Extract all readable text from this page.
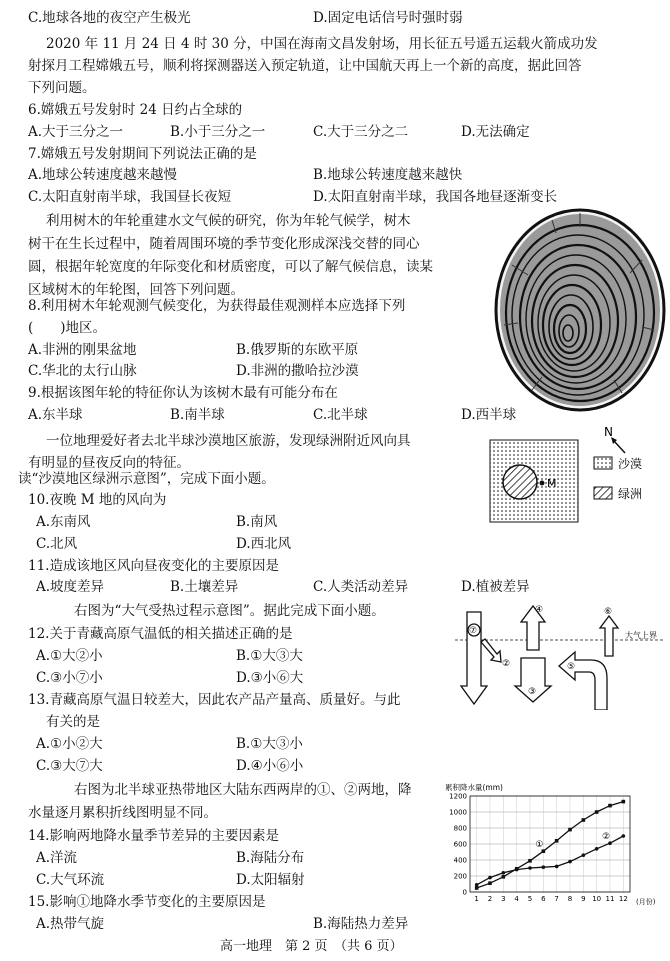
C.地球各地的夜空产生极光	D.固定电话信号时强时弱
2020 年 11 月 24 日 4 时 30 分，中国在海南文昌发射场，用长征五号遥五运载火箭成功发
射探月工程嫦娥五号，顺利将探测器送入预定轨道，让中国航天再上一个新的高度，据此回答
下列问题。
6.嫦娥五号发射时 24 日约占全球的
A.大于三分之一	B.小于三分之一	C.大于三分之二	D.无法确定
7.嫦娥五号发射期间下列说法正确的是
A.地球公转速度越来越慢	B.地球公转速度越来越快
C.太阳直射南半球，我国昼长夜短	D.太阳直射南半球，我国各地昼逐渐变长
利用树木的年轮重建水文气候的研究，你为年轮气候学，树木
树干在生长过程中，随着周围环境的季节变化形成深浅交替的同心
圆，根据年轮宽度的年际变化和材质密度，可以了解气候信息，读某
区域树木的年轮图，回答下列问题。
8.利用树木年轮观测气候变化，为获得最佳观测样本应选择下列
(　　)地区。
A.非洲的刚果盆地	B.俄罗斯的东欧平原
C.华北的太行山脉	D.非洲的撒哈拉沙漠
9.根据该图年轮的特征你认为该树木最有可能分布在
A.东半球	B.南半球	C.北半球	D.西半球
一位地理爱好者去北半球沙漠地区旅游，发现绿洲附近风向具
有明显的昼夜反向的特征。
读“沙漠地区绿洲示意图”，完成下面小题。
10.夜晚 M 地的风向为
A.东南风	B.南风
C.北风	D.西北风
11.造成该地区风向昼夜变化的主要原因是
A.坡度差异	B.土壤差异	C.人类活动差异	D.植被差异
右图为“大气受热过程示意图”。据此完成下面小题。
12.关于青藏高原气温低的相关描述正确的是
A.①大②小	B.①大③大
C.③小⑦小	D.③小⑥大
13.青藏高原气温日较差大，因此农产品产量高、质量好。与此
有关的是
A.①小②大	B.①大③小
C.③大⑦大	D.④小⑥小
右图为北半球亚热带地区大陆东西两岸的①、②两地，降
水量逐月累积折线图明显不同。
14.影响两地降水量季节差异的主要因素是
A.洋流	B.海陆分布
C.大气环流	D.太阳辐射
15.影响①地降水季节变化的主要原因是
A.热带气旋	B.海陆热力差异
高一地理　第 2 页　（共 6 页）
M
N
沙漠
绿洲
大气上界
⑦
②
④
③
⑤
⑥
累积降水量(mm)
(月份)
0
200
400
600
800
1000
1200
1 2 3 4 5 6 7 8 9 10 11 12
①
②
